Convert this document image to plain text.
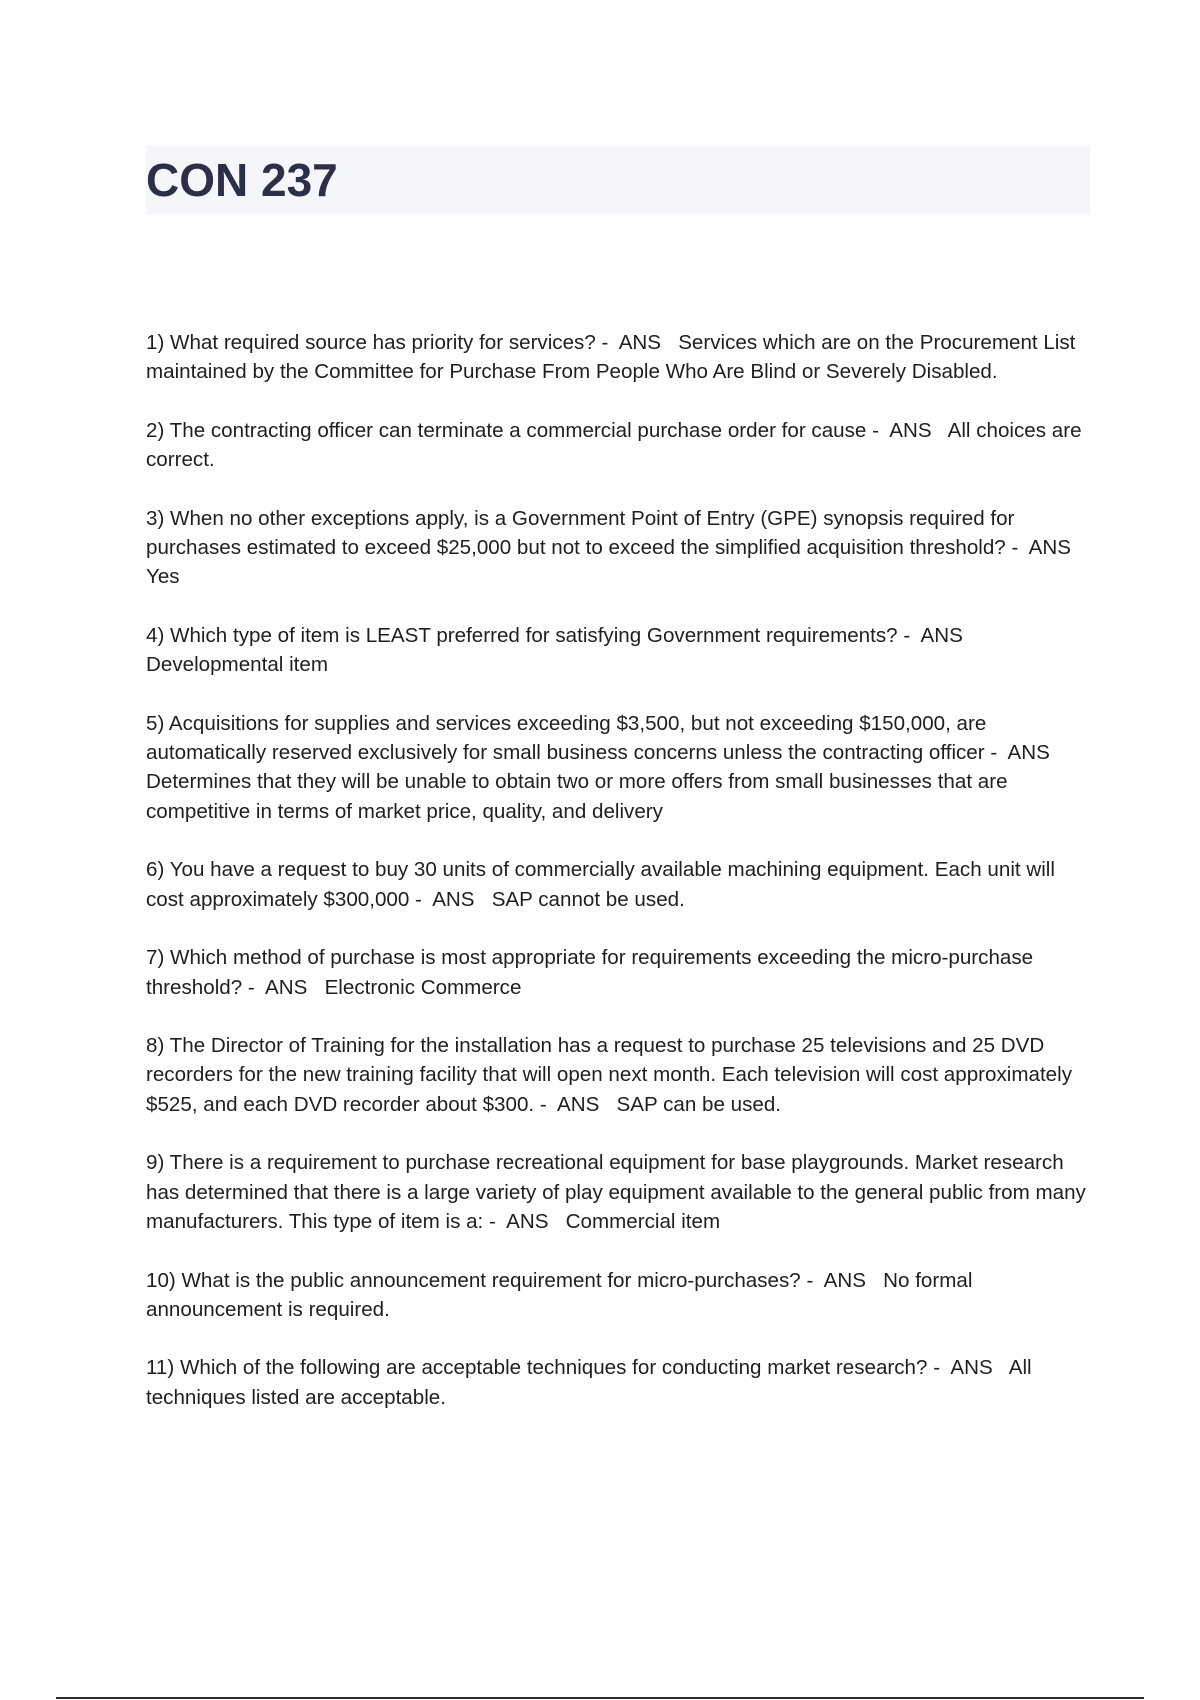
CON 237
1) What required source has priority for services? -  ANS   Services which are on the Procurement List maintained by the Committee for Purchase From People Who Are Blind or Severely Disabled.
2) The contracting officer can terminate a commercial purchase order for cause -  ANS   All choices are correct.
3) When no other exceptions apply, is a Government Point of Entry (GPE) synopsis required for purchases estimated to exceed $25,000 but not to exceed the simplified acquisition threshold? -  ANS   Yes
4) Which type of item is LEAST preferred for satisfying Government requirements? -  ANS   Developmental item
5) Acquisitions for supplies and services exceeding $3,500, but not exceeding $150,000, are automatically reserved exclusively for small business concerns unless the contracting officer -  ANS   Determines that they will be unable to obtain two or more offers from small businesses that are competitive in terms of market price, quality, and delivery
6) You have a request to buy 30 units of commercially available machining equipment. Each unit will cost approximately $300,000 -  ANS   SAP cannot be used.
7) Which method of purchase is most appropriate for requirements exceeding the micro-purchase threshold? -  ANS   Electronic Commerce
8) The Director of Training for the installation has a request to purchase 25 televisions and 25 DVD recorders for the new training facility that will open next month. Each television will cost approximately $525, and each DVD recorder about $300. -  ANS   SAP can be used.
9) There is a requirement to purchase recreational equipment for base playgrounds. Market research has determined that there is a large variety of play equipment available to the general public from many manufacturers. This type of item is a: -  ANS   Commercial item
10) What is the public announcement requirement for micro-purchases? -  ANS   No formal announcement is required.
11) Which of the following are acceptable techniques for conducting market research? -  ANS   All techniques listed are acceptable.
